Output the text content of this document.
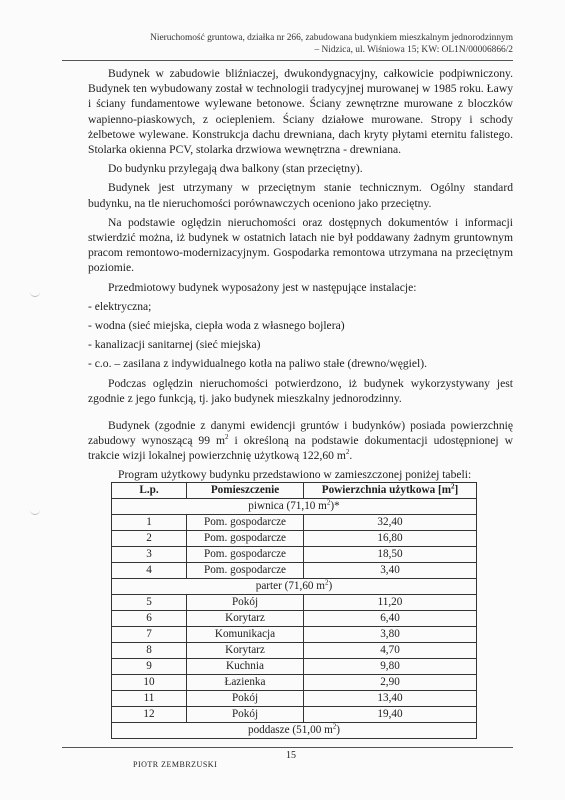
Nieruchomość gruntowa, działka nr 266, zabudowana budynkiem mieszkalnym jednorodzinnym
– Nidzica, ul. Wiśniowa 15; KW: OL1N/00006866/2

Budynek w zabudowie bliźniaczej, dwukondygnacyjny, całkowicie podpiwniczony. Budynek ten wybudowany został w technologii tradycyjnej murowanej w 1985 roku. Ławy i ściany fundamentowe wylewane betonowe. Ściany zewnętrzne murowane z bloczków wapienno-piaskowych, z ociepleniem. Ściany działowe murowane. Stropy i schody żelbetowe wylewane. Konstrukcja dachu drewniana, dach kryty płytami eternitu falistego. Stolarka okienna PCV, stolarka drzwiowa wewnętrzna - drewniana.

Do budynku przylegają dwa balkony (stan przeciętny).

Budynek jest utrzymany w przeciętnym stanie technicznym. Ogólny standard budynku, na tle nieruchomości porównawczych oceniono jako przeciętny.

Na podstawie oględzin nieruchomości oraz dostępnych dokumentów i informacji stwierdzić można, iż budynek w ostatnich latach nie był poddawany żadnym gruntownym pracom remontowo-modernizacyjnym. Gospodarka remontowa utrzymana na przeciętnym poziomie.

Przedmiotowy budynek wyposażony jest w następujące instalacje:

- elektryczna;

- wodna (sieć miejska, ciepła woda z własnego bojlera)

- kanalizacji sanitarnej (sieć miejska)

- c.o. – zasilana z indywidualnego kotła na paliwo stałe (drewno/węgiel).

Podczas oględzin nieruchomości potwierdzono, iż budynek wykorzystywany jest zgodnie z jego funkcją, tj. jako budynek mieszkalny jednorodzinny.

Budynek (zgodnie z danymi ewidencji gruntów i budynków) posiada powierzchnię zabudowy wynoszącą 99 $m^2$ i określoną na podstawie dokumentacji udostępnionej w trakcie wizji lokalnej powierzchnię użytkową 122,60 $m^2$.

Program użytkowy budynku przedstawiono w zamieszczonej poniżej tabeli:
L.p.	Pomieszczenie	Powierzchnia użytkowa $[m^2]$
piwnica (71,10 $m^2)*$		
1	Pom. gospodarcze	32,40
2	Pom. gospodarcze	16,80
3	Pom. gospodarcze	18,50
4	Pom. gospodarcze	3,40
parter (71,60 $m^2$)		
5	Pokój	11,20
6	Korytarz	6,40
7	Komunikacja	3,80
8	Korytarz	4,70
9	Kuchnia	9,80
10	Łazienka	2,90
11	Pokój	13,40
12	Pokój	19,40
poddasze (51,00 $m^2$)		
15
PIOTR ZEMBRZUSKI
